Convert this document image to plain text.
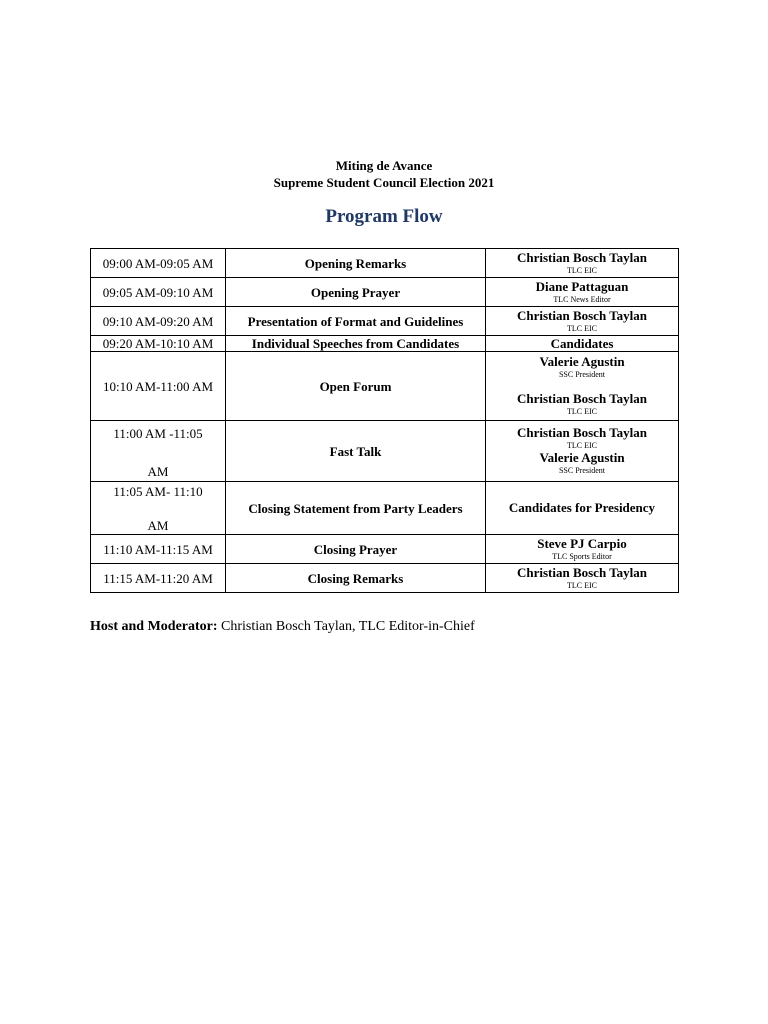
Miting de Avance

Supreme Student Council Election 2021

Program Flow
09:00 AM-09:05 AM	Opening Remarks	Christian Bosch Taylan
TLC EIC

09:05 AM-09:10 AM	Opening Prayer	Diane Pattaguan
TLC News Editor

09:10 AM-09:20 AM	Presentation of Format and Guidelines	Christian Bosch Taylan
TLC EIC

09:20 AM-10:10 AM	Individual Speeches from Candidates	Candidates

10:10 AM-11:00 AM	Open Forum	Valerie Agustin
SSC President
Christian Bosch Taylan
TLC EIC

11:00 AM -11:05

AM	Fast Talk	Christian Bosch Taylan
TLC EIC
Valerie Agustin
SSC President

11:05 AM- 11:10

AM	Closing Statement from Party Leaders	Candidates for Presidency

11:10 AM-11:15 AM	Closing Prayer	Steve PJ Carpio
TLC Sports Editor

11:15 AM-11:20 AM	Closing Remarks	Christian Bosch Taylan
TLC EIC

Host and Moderator: Christian Bosch Taylan, TLC Editor-in-Chief
